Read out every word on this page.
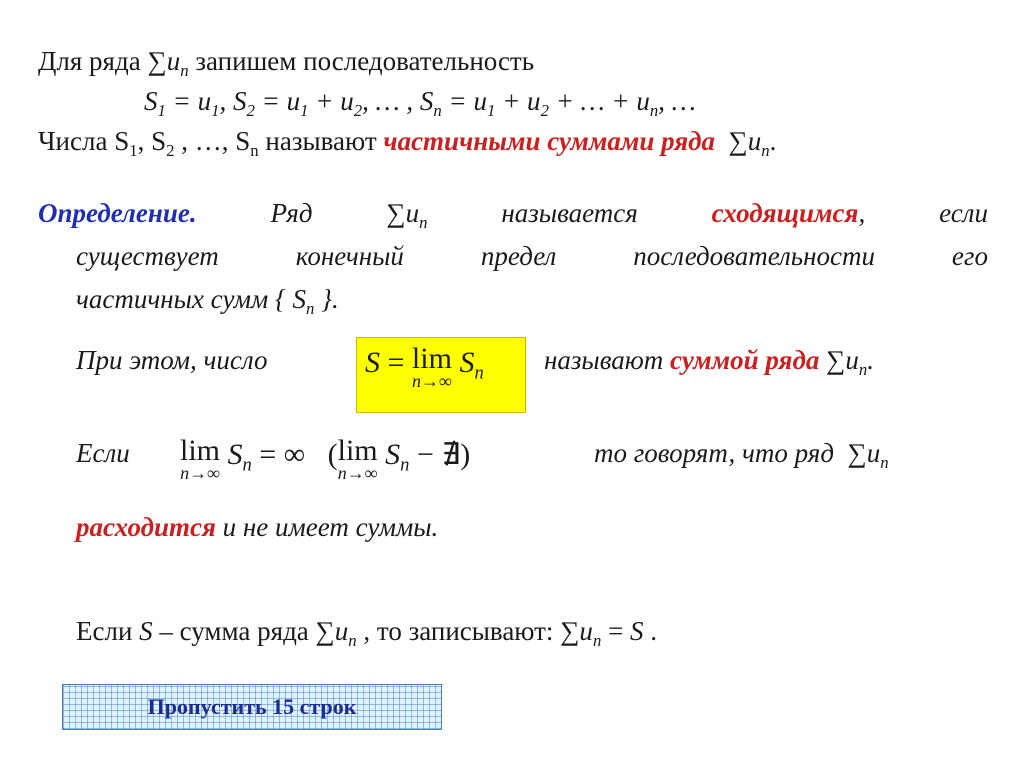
Для ряда $\sum u_n$ запишем последовательность
$S_1 = u_1$, $S_2 = u_1 + u_2$, … , $S_n = u_1 + u_2$ + … + $u_n$, …
Числа $S_1$, $S_2$ , …, $S_n$ называют частичными суммами ряда $\sum u_n$.
Определение.	Ряд	$\sum u_n$	называется	сходящимся,	если
существует	конечный	предел	последовательности	его
частичных сумм { $S_n$ }.
При этом, число	S = lim
n→∞
$S_n$ называют суммой ряда $\sum u_n$.
Если lim
n→∞
$S_n$ = ∞ (lim
n→∞
$S_n$ − ∄)	то говорят, что ряд $\sum u_n$
расходится и не имеет суммы.
Если S – сумма ряда $\sum u_n$ , то записывают: $\sum u_n = S$ .
Пропустить 15 строк
